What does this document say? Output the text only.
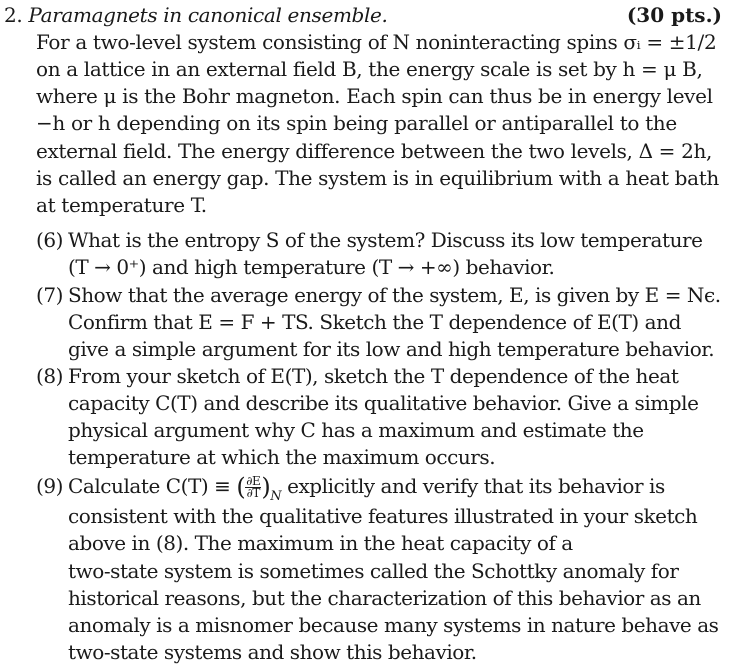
2. Paramagnets in canonical ensemble.	(30 pts.)
For a two-level system consisting of N noninteracting spins σᵢ = ±1/2
on a lattice in an external field B, the energy scale is set by h = μ B,
where μ is the Bohr magneton. Each spin can thus be in energy level
−h or h depending on its spin being parallel or antiparallel to the
external field. The energy difference between the two levels, Δ = 2h,
is called an energy gap. The system is in equilibrium with a heat bath
at temperature T.
(6) What is the entropy S of the system? Discuss its low temperature
(T → 0⁺) and high temperature (T → +∞) behavior.
(7) Show that the average energy of the system, E, is given by E = Nϵ.
Confirm that E = F + TS. Sketch the T dependence of E(T) and
give a simple argument for its low and high temperature behavior.
(8) From your sketch of E(T), sketch the T dependence of the heat
capacity C(T) and describe its qualitative behavior. Give a simple
physical argument why C has a maximum and estimate the
temperature at which the maximum occurs.
(9) Calculate C(T) ≡ ( $\frac{\partial E}{\partial T} )_N$ explicitly and verify that its behavior is
consistent with the qualitative features illustrated in your sketch
above in (8). The maximum in the heat capacity of a
two-state system is sometimes called the Schottky anomaly for
historical reasons, but the characterization of this behavior as an
anomaly is a misnomer because many systems in nature behave as
two-state systems and show this behavior.
